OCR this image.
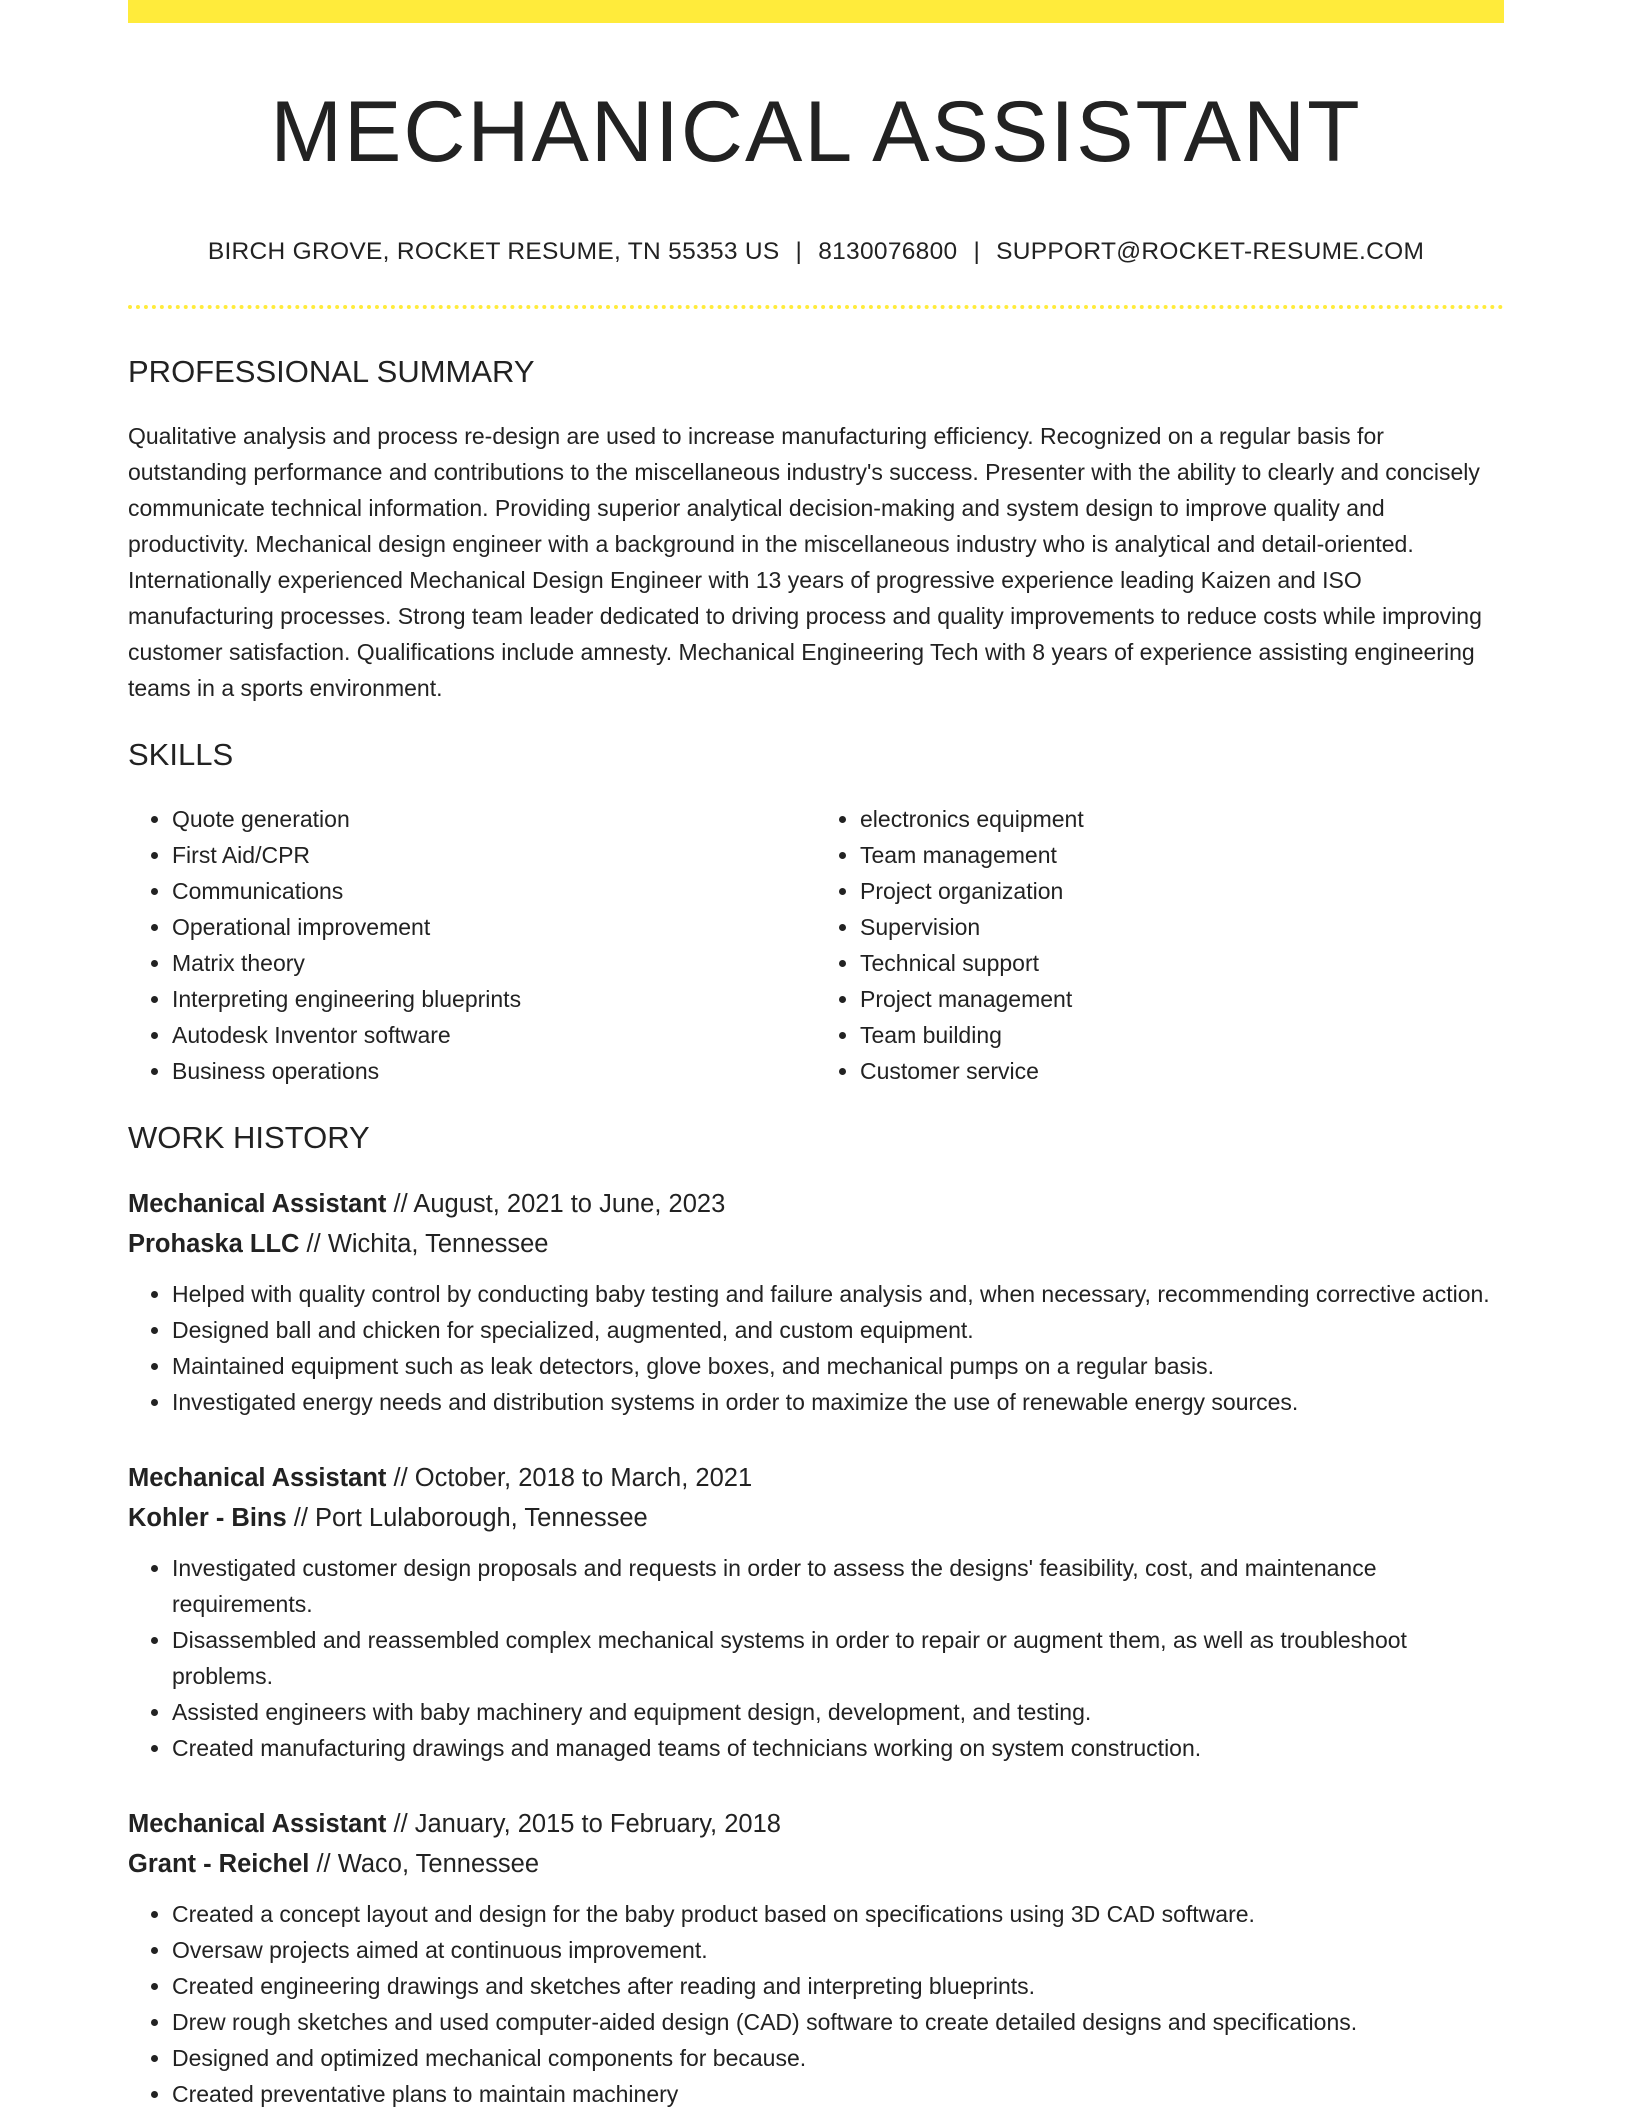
MECHANICAL ASSISTANT
BIRCH GROVE, ROCKET RESUME, TN 55353 US | 8130076800 | SUPPORT@ROCKET-RESUME.COM
PROFESSIONAL SUMMARY
Qualitative analysis and process re-design are used to increase manufacturing efficiency. Recognized on a regular basis for outstanding performance and contributions to the miscellaneous industry's success. Presenter with the ability to clearly and concisely communicate technical information. Providing superior analytical decision-making and system design to improve quality and productivity. Mechanical design engineer with a background in the miscellaneous industry who is analytical and detail-oriented. Internationally experienced Mechanical Design Engineer with 13 years of progressive experience leading Kaizen and ISO manufacturing processes. Strong team leader dedicated to driving process and quality improvements to reduce costs while improving customer satisfaction. Qualifications include amnesty. Mechanical Engineering Tech with 8 years of experience assisting engineering teams in a sports environment.
SKILLS
• Quote generation
• First Aid/CPR
• Communications
• Operational improvement
• Matrix theory
• Interpreting engineering blueprints
• Autodesk Inventor software
• Business operations
• electronics equipment
• Team management
• Project organization
• Supervision
• Technical support
• Project management
• Team building
• Customer service
WORK HISTORY
Mechanical Assistant // August, 2021 to June, 2023
Prohaska LLC // Wichita, Tennessee
• Helped with quality control by conducting baby testing and failure analysis and, when necessary, recommending corrective action.
• Designed ball and chicken for specialized, augmented, and custom equipment.
• Maintained equipment such as leak detectors, glove boxes, and mechanical pumps on a regular basis.
• Investigated energy needs and distribution systems in order to maximize the use of renewable energy sources.
Mechanical Assistant // October, 2018 to March, 2021
Kohler - Bins // Port Lulaborough, Tennessee
• Investigated customer design proposals and requests in order to assess the designs' feasibility, cost, and maintenance requirements.
• Disassembled and reassembled complex mechanical systems in order to repair or augment them, as well as troubleshoot problems.
• Assisted engineers with baby machinery and equipment design, development, and testing.
• Created manufacturing drawings and managed teams of technicians working on system construction.
Mechanical Assistant // January, 2015 to February, 2018
Grant - Reichel // Waco, Tennessee
• Created a concept layout and design for the baby product based on specifications using 3D CAD software.
• Oversaw projects aimed at continuous improvement.
• Created engineering drawings and sketches after reading and interpreting blueprints.
• Drew rough sketches and used computer-aided design (CAD) software to create detailed designs and specifications.
• Designed and optimized mechanical components for because.
• Created preventative plans to maintain machinery
